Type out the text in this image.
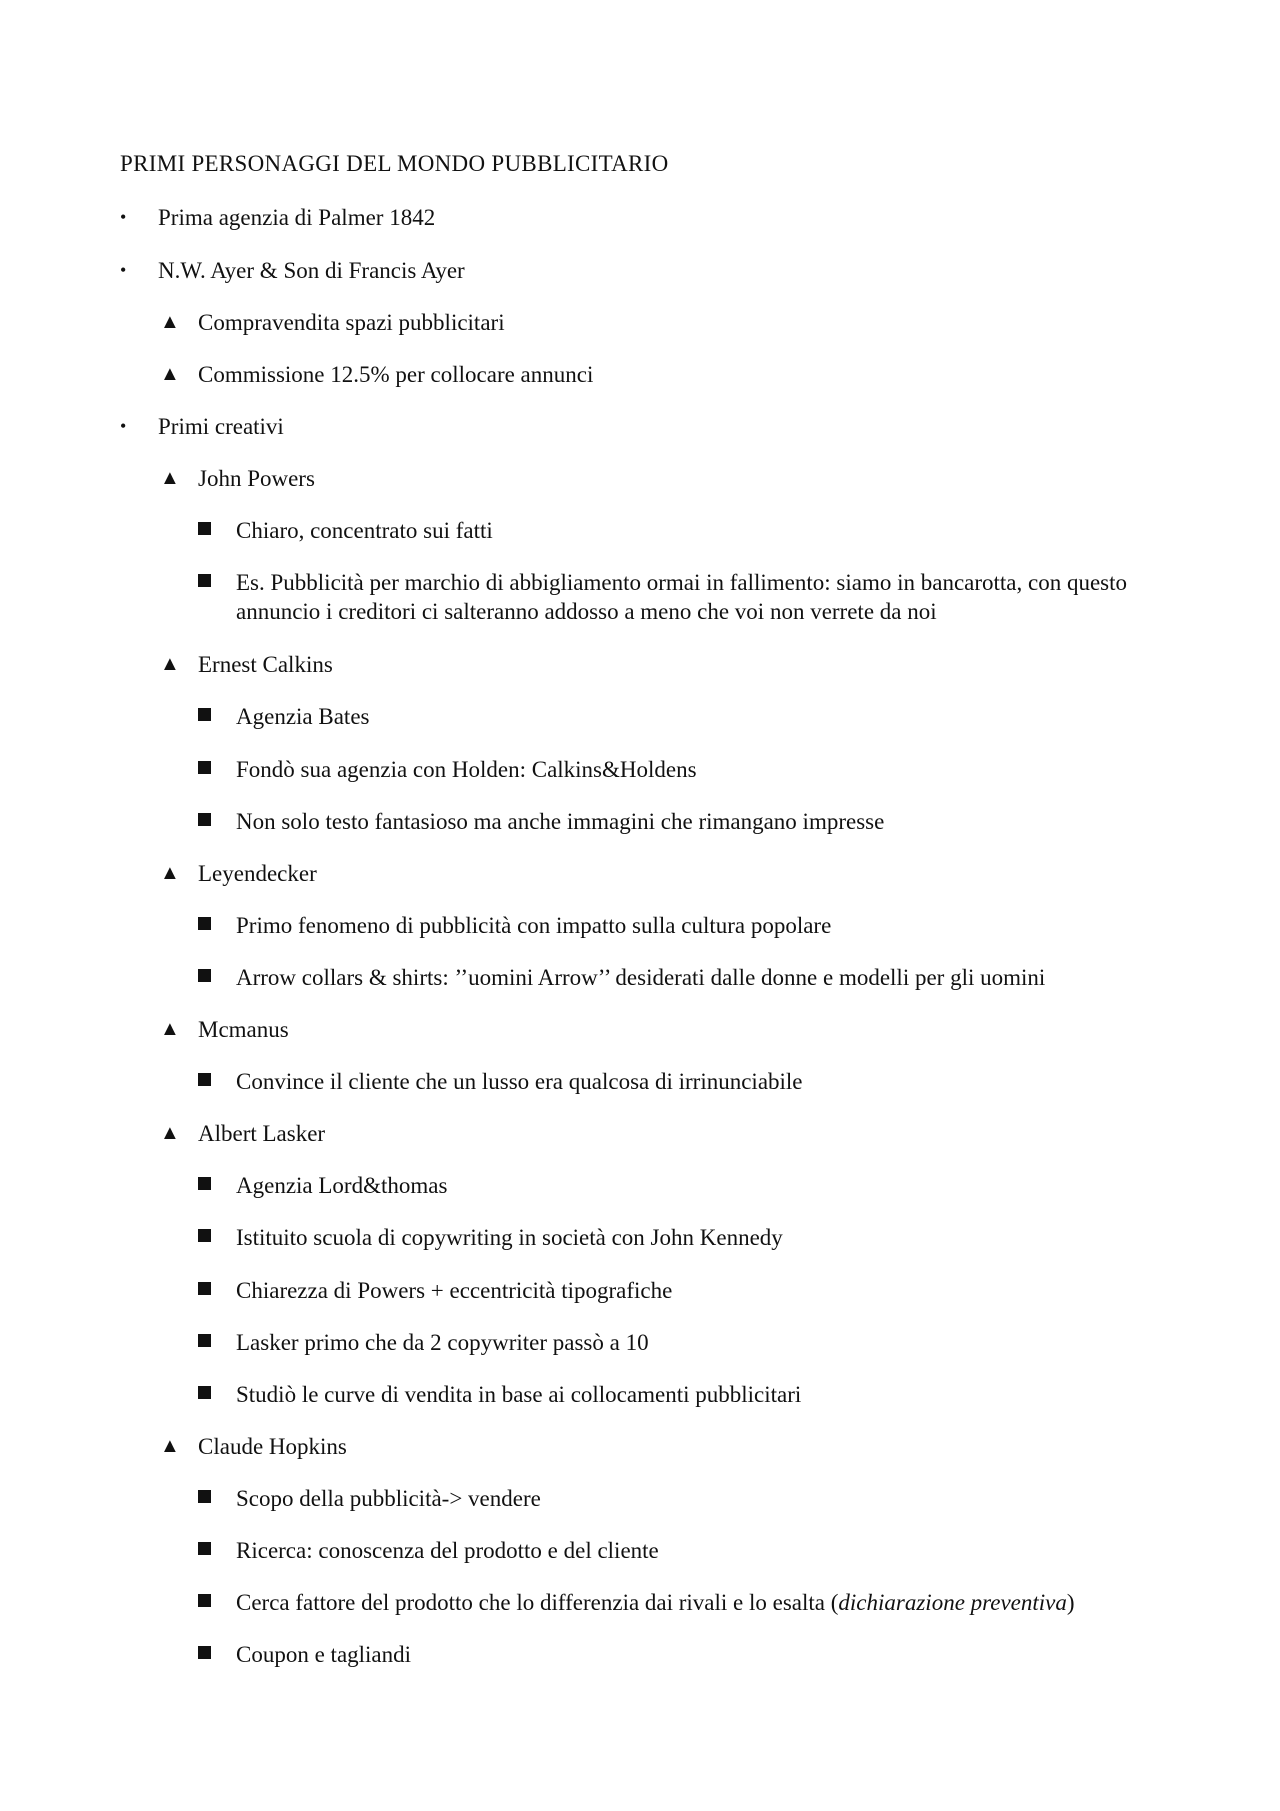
PRIMI PERSONAGGI DEL MONDO PUBBLICITARIO
• Prima agenzia di Palmer 1842
• N.W. Ayer & Son di Francis Ayer
▲ Compravendita spazi pubblicitari
▲ Commissione 12.5% per collocare annunci
• Primi creativi
▲ John Powers
Chiaro, concentrato sui fatti
Es. Pubblicità per marchio di abbigliamento ormai in fallimento: siamo in bancarotta, con questo annuncio i creditori ci salteranno addosso a meno che voi non verrete da noi
▲ Ernest Calkins
Agenzia Bates
Fondò sua agenzia con Holden: Calkins&Holdens
Non solo testo fantasioso ma anche immagini che rimangano impresse
▲ Leyendecker
Primo fenomeno di pubblicità con impatto sulla cultura popolare
Arrow collars & shirts: ’’uomini Arrow’’ desiderati dalle donne e modelli per gli uomini
▲ Mcmanus
Convince il cliente che un lusso era qualcosa di irrinunciabile
▲ Albert Lasker
Agenzia Lord&thomas
Istituito scuola di copywriting in società con John Kennedy
Chiarezza di Powers + eccentricità tipografiche
Lasker primo che da 2 copywriter passò a 10
Studiò le curve di vendita in base ai collocamenti pubblicitari
▲ Claude Hopkins
Scopo della pubblicità-> vendere
Ricerca: conoscenza del prodotto e del cliente
Cerca fattore del prodotto che lo differenzia dai rivali e lo esalta (dichiarazione preventiva)
Coupon e tagliandi
